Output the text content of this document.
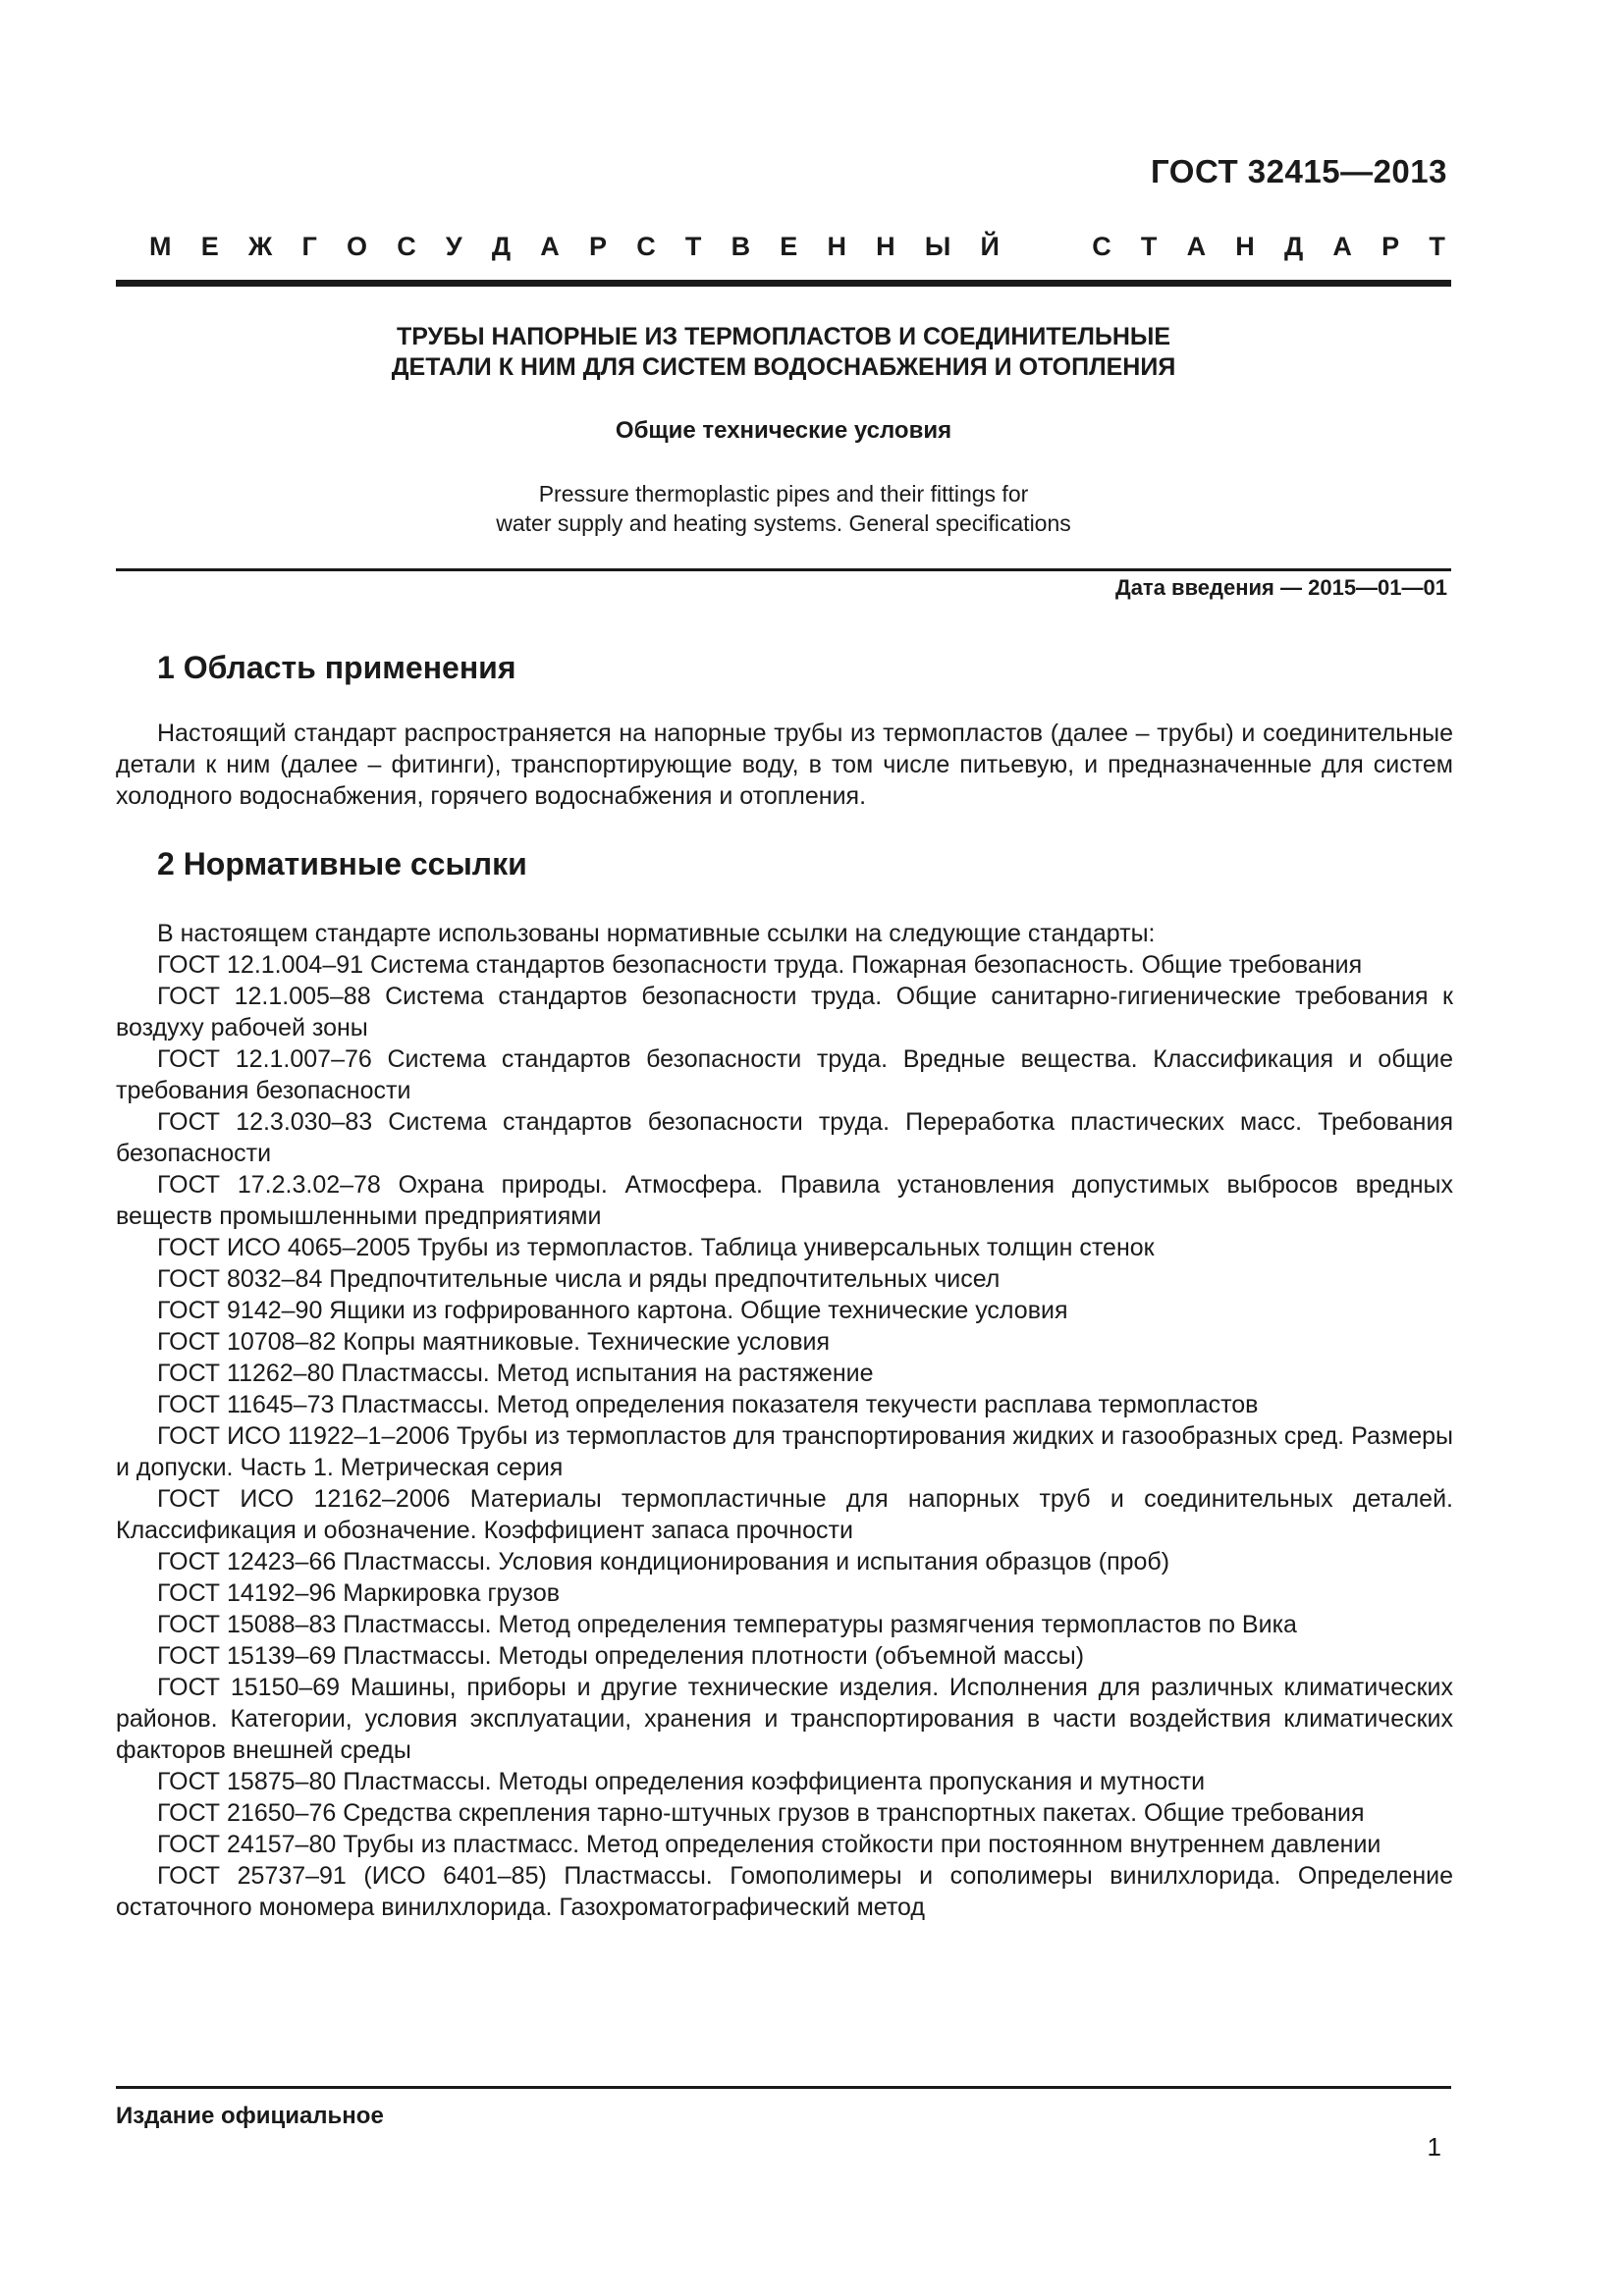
ГОСТ 32415—2013
М Е Ж Г О С У Д А Р С Т В Е Н Н Ы Й	С Т А Н Д А Р Т
ТРУБЫ НАПОРНЫЕ ИЗ ТЕРМОПЛАСТОВ И СОЕДИНИТЕЛЬНЫЕ
ДЕТАЛИ К НИМ ДЛЯ СИСТЕМ ВОДОСНАБЖЕНИЯ И ОТОПЛЕНИЯ
Общие технические условия
Pressure thermoplastic pipes and their fittings for
water supply and heating systems. General specifications
Дата введения — 2015—01—01
1 Область применения
Настоящий стандарт распространяется на напорные трубы из термопластов (далее – трубы) и соединительные детали к ним (далее – фитинги), транспортирующие воду, в том числе питьевую, и предназначенные для систем холодного водоснабжения, горячего водоснабжения и отопления.
2 Нормативные ссылки
В настоящем стандарте использованы нормативные ссылки на следующие стандарты:
ГОСТ 12.1.004–91 Система стандартов безопасности труда. Пожарная безопасность. Общие требования
ГОСТ 12.1.005–88 Система стандартов безопасности труда. Общие санитарно-гигиенические требования к воздуху рабочей зоны
ГОСТ 12.1.007–76 Система стандартов безопасности труда. Вредные вещества. Классификация и общие требования безопасности
ГОСТ 12.3.030–83 Система стандартов безопасности труда. Переработка пластических масс. Требования безопасности
ГОСТ 17.2.3.02–78 Охрана природы. Атмосфера. Правила установления допустимых выбросов вредных веществ промышленными предприятиями
ГОСТ ИСО 4065–2005 Трубы из термопластов. Таблица универсальных толщин стенок
ГОСТ 8032–84 Предпочтительные числа и ряды предпочтительных чисел
ГОСТ 9142–90 Ящики из гофрированного картона. Общие технические условия
ГОСТ 10708–82 Копры маятниковые. Технические условия
ГОСТ 11262–80 Пластмассы. Метод испытания на растяжение
ГОСТ 11645–73 Пластмассы. Метод определения показателя текучести расплава термопластов
ГОСТ ИСО 11922–1–2006 Трубы из термопластов для транспортирования жидких и газообразных сред. Размеры и допуски. Часть 1. Метрическая серия
ГОСТ ИСО 12162–2006 Материалы термопластичные для напорных труб и соединительных деталей. Классификация и обозначение. Коэффициент запаса прочности
ГОСТ 12423–66 Пластмассы. Условия кондиционирования и испытания образцов (проб)
ГОСТ 14192–96 Маркировка грузов
ГОСТ 15088–83 Пластмассы. Метод определения температуры размягчения термопластов по Вика
ГОСТ 15139–69 Пластмассы. Методы определения плотности (объемной массы)
ГОСТ 15150–69 Машины, приборы и другие технические изделия. Исполнения для различных климатических районов. Категории, условия эксплуатации, хранения и транспортирования в части воздействия климатических факторов внешней среды
ГОСТ 15875–80 Пластмассы. Методы определения коэффициента пропускания и мутности
ГОСТ 21650–76 Средства скрепления тарно-штучных грузов в транспортных пакетах. Общие требования
ГОСТ 24157–80 Трубы из пластмасс. Метод определения стойкости при постоянном внутреннем давлении
ГОСТ 25737–91 (ИСО 6401–85) Пластмассы. Гомополимеры и сополимеры винилхлорида. Определение остаточного мономера винилхлорида. Газохроматографический метод
Издание официальное
1
